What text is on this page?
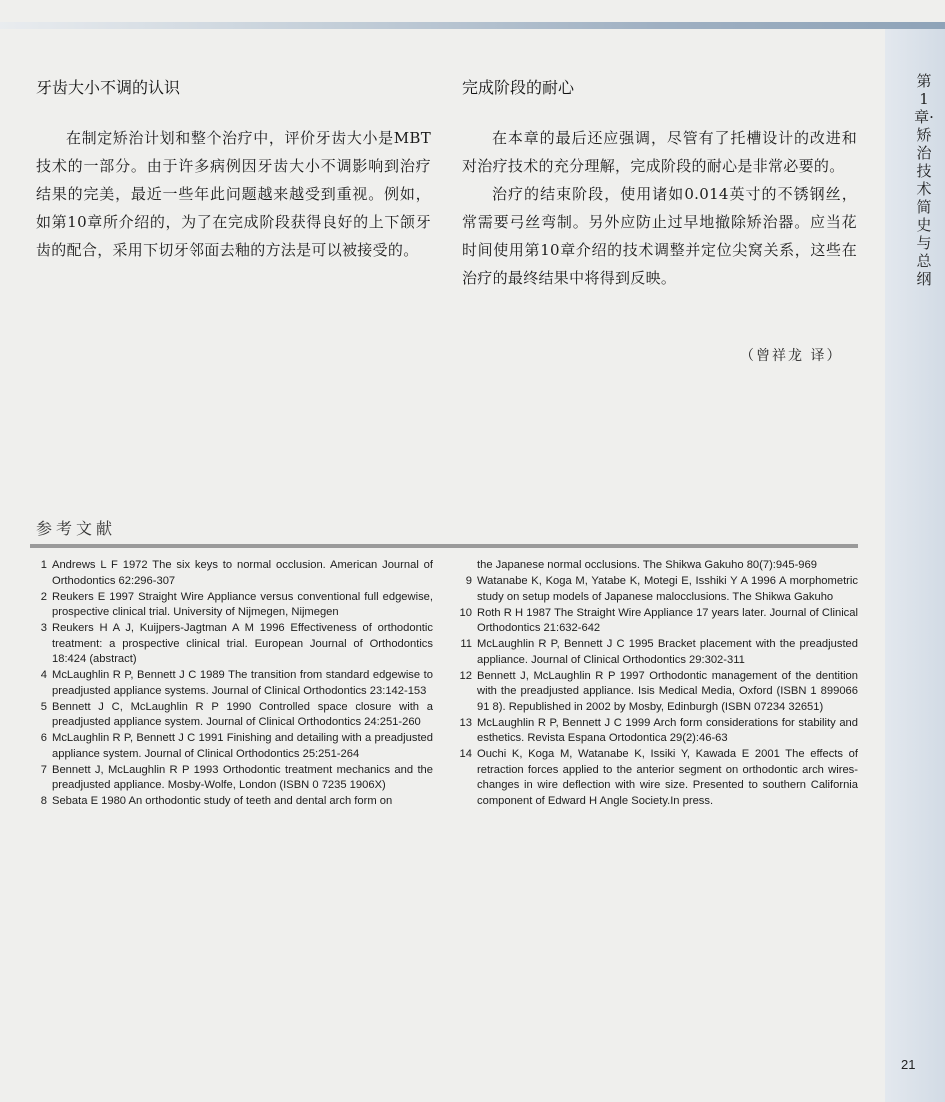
第1章·矫治技术简史与总纲
牙齿大小不调的认识

在制定矫治计划和整个治疗中，评价牙齿大小是MBT技术的一部分。由于许多病例因牙齿大小不调影响到治疗结果的完美，最近一些年此问题越来越受到重视。例如，如第10章所介绍的，为了在完成阶段获得良好的上下颌牙齿的配合，采用下切牙邻面去釉的方法是可以被接受的。

完成阶段的耐心

在本章的最后还应强调，尽管有了托槽设计的改进和对治疗技术的充分理解，完成阶段的耐心是非常必要的。

治疗的结束阶段，使用诸如0.014英寸的不锈钢丝，常需要弓丝弯制。另外应防止过早地撤除矫治器。应当花时间使用第10章介绍的技术调整并定位尖窝关系，这些在治疗的最终结果中将得到反映。

（曾祥龙 译）
参考文献
1 Andrews L F 1972 The six keys to normal occlusion. American Journal of Orthodontics 62:296-307
2 Reukers E 1997 Straight Wire Appliance versus conventional full edgewise, prospective clinical trial. University of Nijmegen, Nijmegen
3 Reukers H A J, Kuijpers-Jagtman A M 1996 Effectiveness of orthodontic treatment: a prospective clinical trial. European Journal of Orthodontics 18:424 (abstract)
4 McLaughlin R P, Bennett J C 1989 The transition from standard edgewise to preadjusted appliance systems. Journal of Clinical Orthodontics 23:142-153
5 Bennett J C, McLaughlin R P 1990 Controlled space closure with a preadjusted appliance system. Journal of Clinical Orthodontics 24:251-260
6 McLaughlin R P, Bennett J C 1991 Finishing and detailing with a preadjusted appliance system. Journal of Clinical Orthodontics 25:251-264
7 Bennett J, McLaughlin R P 1993 Orthodontic treatment mechanics and the preadjusted appliance. Mosby-Wolfe, London (ISBN 0 7235 1906X)
8 Sebata E 1980 An orthodontic study of teeth and dental arch form on
the Japanese normal occlusions. The Shikwa Gakuho 80(7):945-969
9 Watanabe K, Koga M, Yatabe K, Motegi E, Isshiki Y A 1996 A morphometric study on setup models of Japanese malocclusions. The Shikwa Gakuho
10 Roth R H 1987 The Straight Wire Appliance 17 years later. Journal of Clinical Orthodontics 21:632-642
11 McLaughlin R P, Bennett J C 1995 Bracket placement with the preadjusted appliance. Journal of Clinical Orthodontics 29:302-311
12 Bennett J, McLaughlin R P 1997 Orthodontic management of the dentition with the preadjusted appliance. Isis Medical Media, Oxford (ISBN 1 899066 91 8). Republished in 2002 by Mosby, Edinburgh (ISBN 07234 32651)
13 McLaughlin R P, Bennett J C 1999 Arch form considerations for stability and esthetics. Revista Espana Ortodontica 29(2):46-63
14 Ouchi K, Koga M, Watanabe K, Issiki Y, Kawada E 2001 The effects of retraction forces applied to the anterior segment on orthodontic arch wires-changes in wire deflection with wire size. Presented to southern California component of Edward H Angle Society.In press.
21
